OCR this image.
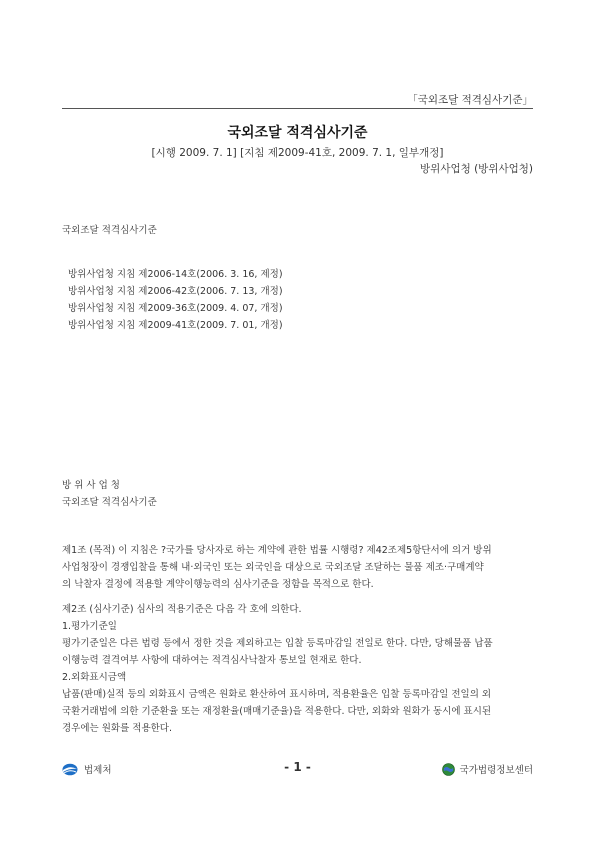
「국외조달 적격심사기준」
국외조달 적격심사기준
[시행 2009. 7. 1] [지침 제2009-41호, 2009. 7. 1, 일부개정]
방위사업청 (방위사업청)
국외조달 적격심사기준
방위사업청 지침 제2006-14호(2006. 3. 16, 제정)
방위사업청 지침 제2006-42호(2006. 7. 13, 개정)
방위사업청 지침 제2009-36호(2009. 4. 07, 개정)
방위사업청 지침 제2009-41호(2009. 7. 01, 개정)
방 위 사 업 청
국외조달 적격심사기준
제1조 (목적) 이 지침은 ?국가를 당사자로 하는 계약에 관한 법률 시행령? 제42조제5항단서에 의거 방위
사업청장이 경쟁입찰을 통해 내·외국인 또는 외국인을 대상으로 국외조달 조달하는 물품 제조·구매계약
의 낙찰자 결정에 적용할 계약이행능력의 심사기준을 정함을 목적으로 한다.
제2조 (심사기준) 심사의 적용기준은 다음 각 호에 의한다.
1.평가기준일
평가기준일은 다른 법령 등에서 정한 것을 제외하고는 입찰 등록마감일 전일로 한다. 다만, 당해물품 납품
이행능력 결격여부 사항에 대하여는 적격심사낙찰자 통보일 현재로 한다.
2.외화표시금액
납품(판매)실적 등의 외화표시 금액은 원화로 환산하여 표시하며, 적용환율은 입찰 등록마감일 전일의 외
국환거래법에 의한 기준환율 또는 재정환율(매매기준율)을 적용한다. 다만, 외화와 원화가 동시에 표시된
경우에는 원화를 적용한다.
법제처	- 1 -	국가법령정보센터
